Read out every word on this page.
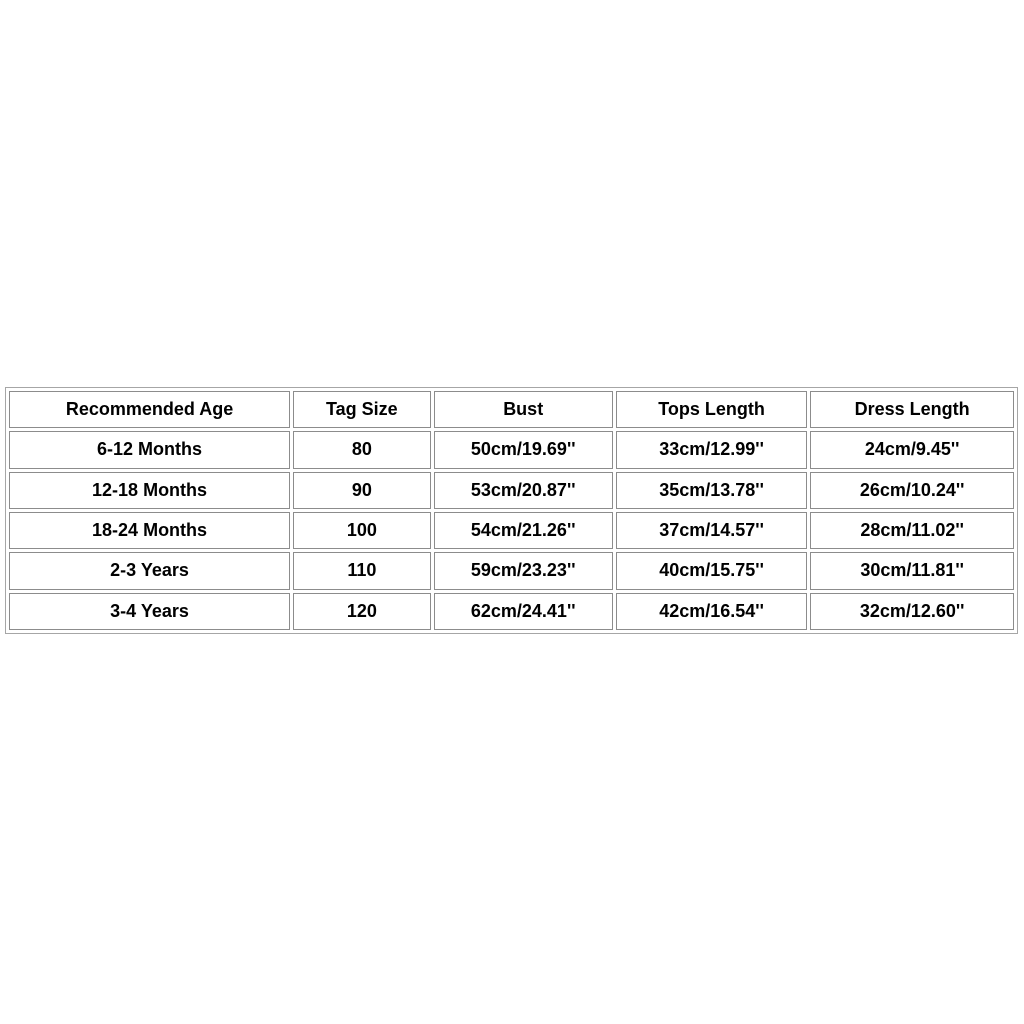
Recommended Age	Tag Size	Bust	Tops Length	Dress Length
6-12 Months	80	50cm/19.69''	33cm/12.99''	24cm/9.45''
12-18 Months	90	53cm/20.87''	35cm/13.78''	26cm/10.24''
18-24 Months	100	54cm/21.26''	37cm/14.57''	28cm/11.02''
2-3 Years	110	59cm/23.23''	40cm/15.75''	30cm/11.81''
3-4 Years	120	62cm/24.41''	42cm/16.54''	32cm/12.60''
